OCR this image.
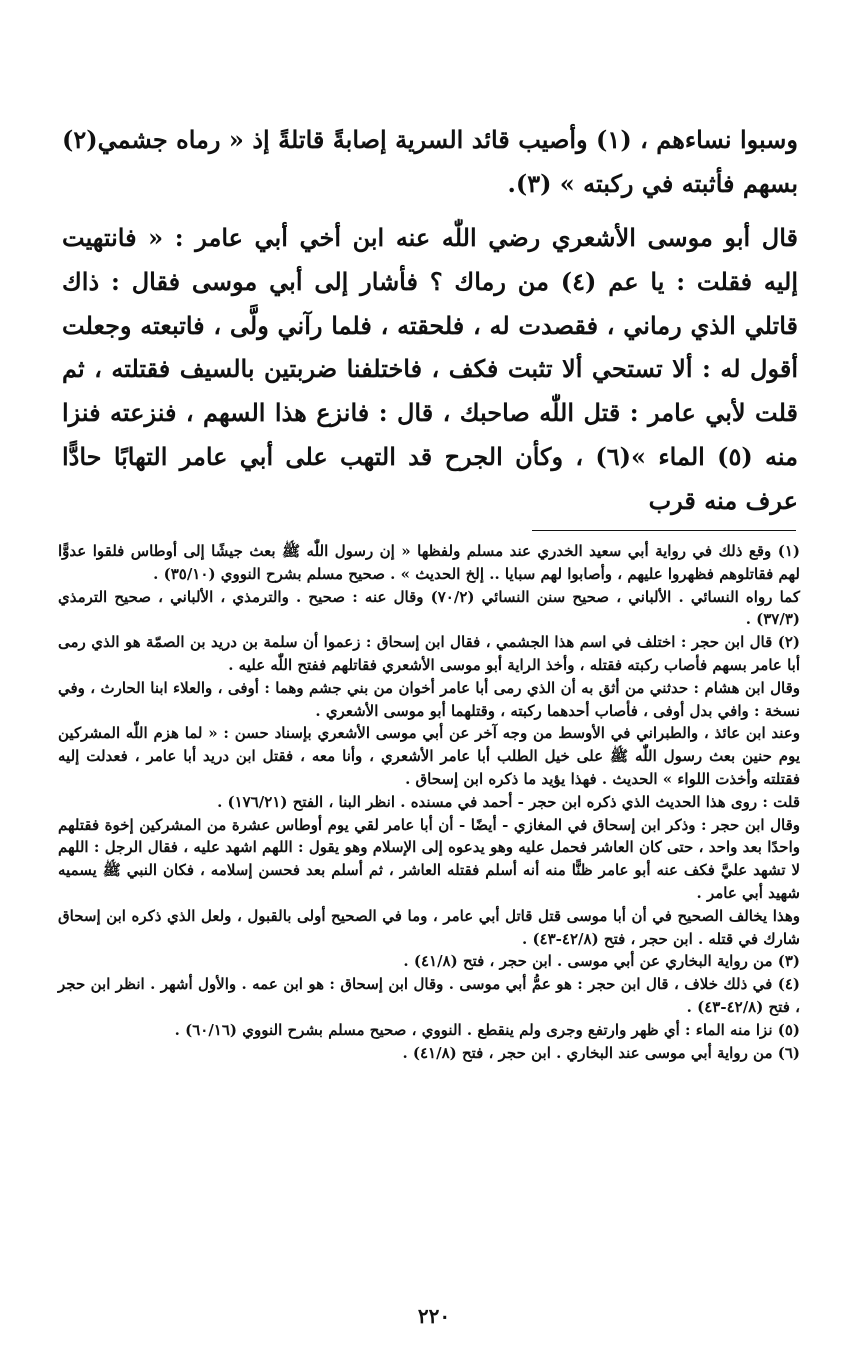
وسبوا نساءهم ، (١) وأصيب قائد السرية إصابةً قاتلةً إذ « رماه جشمي(٢) بسهم فأثبته في ركبته » (٣).

قال أبو موسى الأشعري رضي اللّٰه عنه ابن أخي أبي عامر : « فانتهيت إليه فقلت : يا عم (٤) من رماك ؟ فأشار إلى أبي موسى فقال : ذاك قاتلي الذي رماني ، فقصدت له ، فلحقته ، فلما رآني ولَّى ، فاتبعته وجعلت أقول له : ألا تستحي ألا تثبت فكف ، فاختلفنا ضربتين بالسيف فقتلته ، ثم قلت لأبي عامر : قتل اللّٰه صاحبك ، قال : فانزع هذا السهم ، فنزعته فنزا منه (٥) الماء »(٦) ، وكأن الجرح قد التهب على أبي عامر التهابًا حادًّا عرف منه قرب

(١) وقع ذلك في رواية أبي سعيد الخدري عند مسلم ولفظها « إن رسول اللّٰه ﷺ بعث جيشًا إلى أوطاس فلقوا عدوًّا لهم فقاتلوهم فظهروا عليهم ، وأصابوا لهم سبايا .. إلخ الحديث » . صحيح مسلم بشرح النووي (٣٥/١٠) .

كما رواه النسائي . الألباني ، صحيح سنن النسائي (٧٠/٢) وقال عنه : صحيح . والترمذي ، الألباني ، صحيح الترمذي (٣٧/٣) .

(٢) قال ابن حجر : اختلف في اسم هذا الجشمي ، فقال ابن إسحاق : زعموا أن سلمة بن دريد بن الصمّة هو الذي رمى أبا عامر بسهم فأصاب ركبته فقتله ، وأخذ الراية أبو موسى الأشعري فقاتلهم ففتح اللّٰه عليه .

وقال ابن هشام : حدثني من أثق به أن الذي رمى أبا عامر أخوان من بني جشم وهما : أوفى ، والعلاء ابنا الحارث ، وفي نسخة : وافي بدل أوفى ، فأصاب أحدهما ركبته ، وقتلهما أبو موسى الأشعري .

وعند ابن عائذ ، والطبراني في الأوسط من وجه آخر عن أبي موسى الأشعري بإسناد حسن : « لما هزم اللّٰه المشركين يوم حنين بعث رسول اللّٰه ﷺ على خيل الطلب أبا عامر الأشعري ، وأنا معه ، فقتل ابن دريد أبا عامر ، فعدلت إليه فقتلته وأخذت اللواء » الحديث . فهذا يؤيد ما ذكره ابن إسحاق .

قلت : روى هذا الحديث الذي ذكره ابن حجر - أحمد في مسنده . انظر البنا ، الفتح (١٧٦/٢١) .

وقال ابن حجر : وذكر ابن إسحاق في المغازي - أيضًا - أن أبا عامر لقي يوم أوطاس عشرة من المشركين إخوة فقتلهم واحدًا بعد واحد ، حتى كان العاشر فحمل عليه وهو يدعوه إلى الإسلام وهو يقول : اللهم اشهد عليه ، فقال الرجل : اللهم لا تشهد عليَّ فكف عنه أبو عامر ظنًّا منه أنه أسلم فقتله العاشر ، ثم أسلم بعد فحسن إسلامه ، فكان النبي ﷺ يسميه شهيد أبي عامر .

وهذا يخالف الصحيح في أن أبا موسى قتل قاتل أبي عامر ، وما في الصحيح أولى بالقبول ، ولعل الذي ذكره ابن إسحاق شارك في قتله . ابن حجر ، فتح (٤٢/٨-٤٣) .

(٣) من رواية البخاري عن أبي موسى . ابن حجر ، فتح (٤١/٨) .

(٤) في ذلك خلاف ، قال ابن حجر : هو عمُّ أبي موسى . وقال ابن إسحاق : هو ابن عمه . والأول أشهر . انظر ابن حجر ، فتح (٤٢/٨-٤٣) .

(٥) نزا منه الماء : أي ظهر وارتفع وجرى ولم ينقطع . النووي ، صحيح مسلم بشرح النووي (٦٠/١٦) .

(٦) من رواية أبي موسى عند البخاري . ابن حجر ، فتح (٤١/٨) .

٢٢٠
